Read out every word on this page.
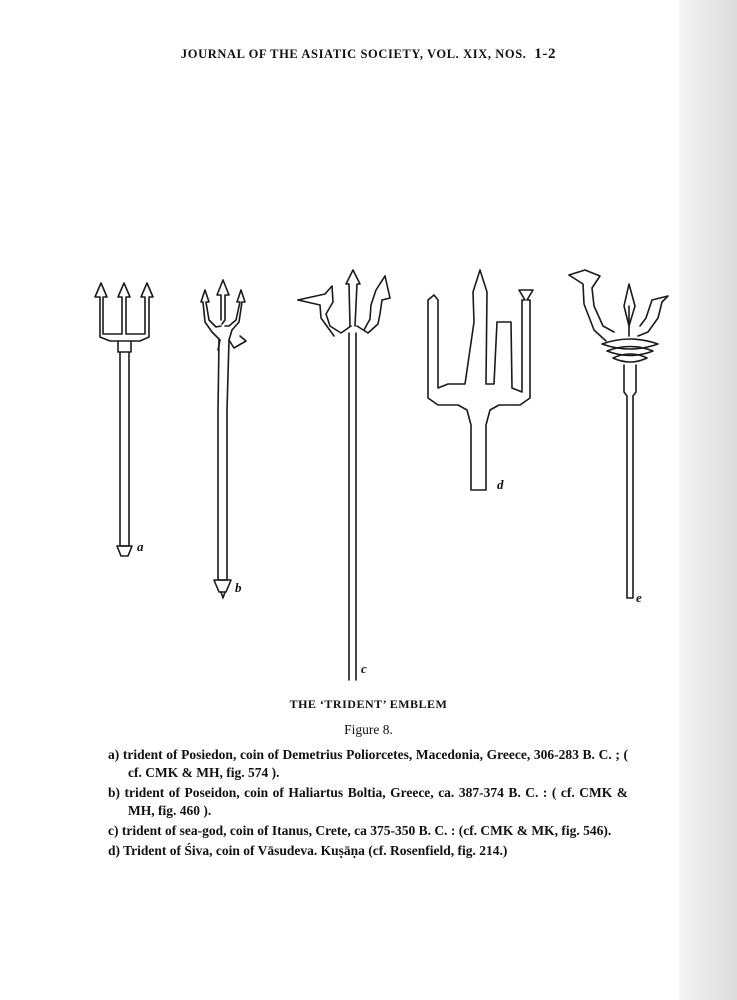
JOURNAL OF THE ASIATIC SOCIETY, VOL. XIX, NOS. 1-2
a
b
c
d
e
THE ‘TRIDENT’ EMBLEM
Figure 8.

a) trident of Posiedon, coin of Demetrius Poliorcetes, Macedonia, Greece, 306-283 B. C. ; ( cf. CMK & MH, fig. 574 ).

b) trident of Poseidon, coin of Haliartus Boltia, Greece, ca. 387-374 B. C. : ( cf. CMK & MH, fig. 460 ).

c) trident of sea-god, coin of Itanus, Crete, ca 375-350 B. C. : (cf. CMK & MK, fig. 546).

d) Trident of Śiva, coin of Vāsudeva. Kuṣāṇa (cf. Rosenfield, fig. 214.)
